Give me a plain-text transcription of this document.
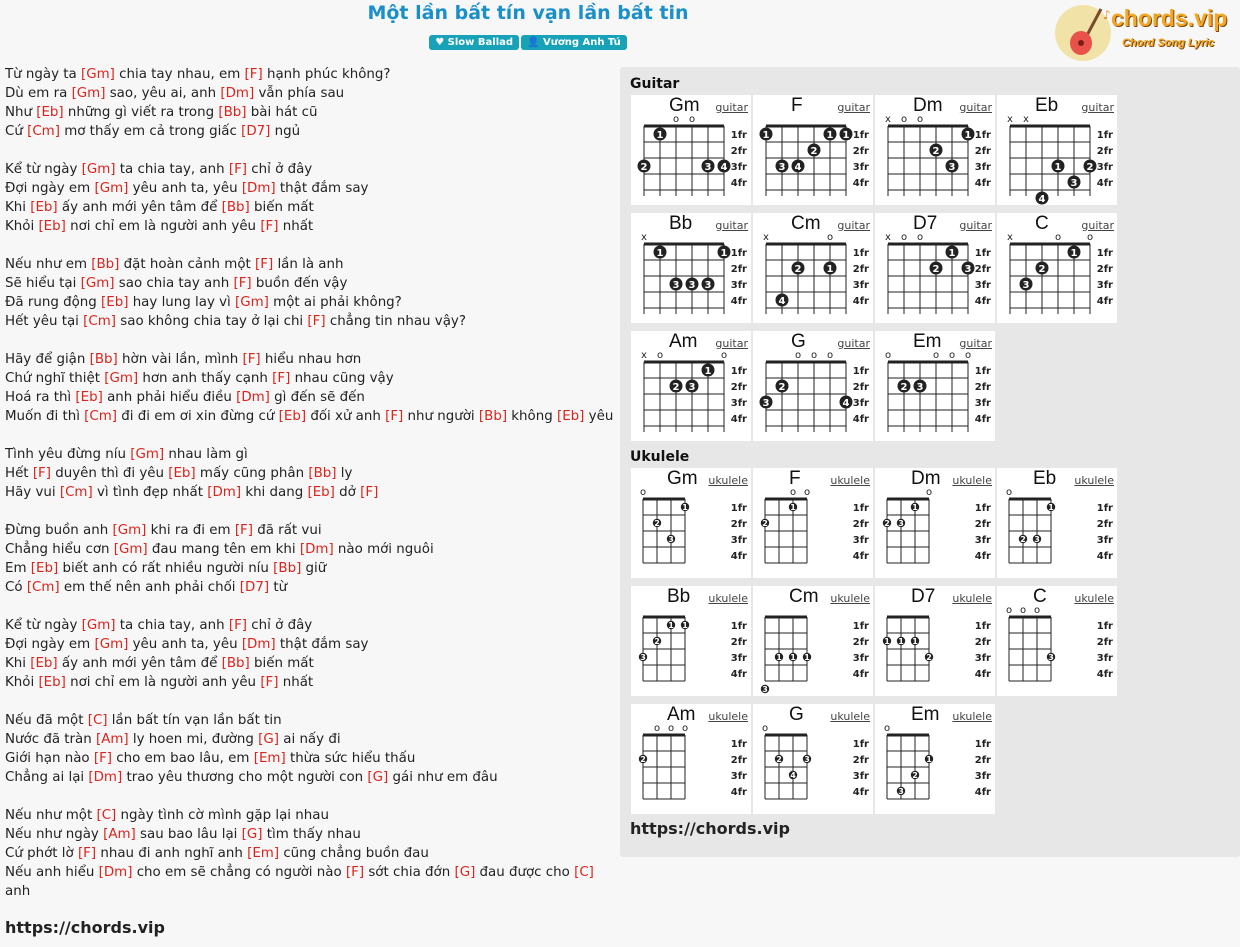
Một lần bất tín vạn lần bất tin
♥ Slow Ballad 👤 Vương Anh Tú
♪ chords.vip
Chord Song Lyric
Từ ngày ta [Gm] chia tay nhau, em [F] hạnh phúc không?
Dù em ra [Gm] sao, yêu ai, anh [Dm] vẫn phía sau
Như [Eb] những gì viết ra trong [Bb] bài hát cũ
Cứ [Cm] mơ thấy em cả trong giấc [D7] ngủ
Kể từ ngày [Gm] ta chia tay, anh [F] chỉ ở đây
Đợi ngày em [Gm] yêu anh ta, yêu [Dm] thật đắm say
Khi [Eb] ấy anh mới yên tâm để [Bb] biến mất
Khỏi [Eb] nơi chỉ em là người anh yêu [F] nhất
Nếu như em [Bb] đặt hoàn cảnh một [F] lần là anh
Sẽ hiểu tại [Gm] sao chia tay anh [F] buồn đến vậy
Đã rung động [Eb] hay lung lay vì [Gm] một ai phải không?
Hết yêu tại [Cm] sao không chia tay ở lại chi [F] chẳng tin nhau vậy?
Hãy để giận [Bb] hờn vài lần, mình [F] hiểu nhau hơn
Chứ nghĩ thiệt [Gm] hơn anh thấy cạnh [F] nhau cũng vậy
Hoá ra thì [Eb] anh phải hiểu điều [Dm] gì đến sẽ đến
Muốn đi thì [Cm] đi đi em ơi xin đừng cứ [Eb] đối xử anh [F] như người [Bb] không [Eb] yêu
Tình yêu đừng níu [Gm] nhau làm gì
Hết [F] duyên thì đi yêu [Eb] mấy cũng phân [Bb] ly
Hãy vui [Cm] vì tình đẹp nhất [Dm] khi dang [Eb] dở [F]
Đừng buồn anh [Gm] khi ra đi em [F] đã rất vui
Chẳng hiểu cơn [Gm] đau mang tên em khi [Dm] nào mới nguôi
Em [Eb] biết anh có rất nhiều người níu [Bb] giữ
Có [Cm] em thế nên anh phải chối [D7] từ
Kể từ ngày [Gm] ta chia tay, anh [F] chỉ ở đây
Đợi ngày em [Gm] yêu anh ta, yêu [Dm] thật đắm say
Khi [Eb] ấy anh mới yên tâm để [Bb] biến mất
Khỏi [Eb] nơi chỉ em là người anh yêu [F] nhất
Nếu đã một [C] lần bất tín vạn lần bất tin
Nước đã tràn [Am] ly hoen mi, đường [G] ai nấy đi
Giới hạn nào [F] cho em bao lâu, em [Em] thừa sức hiểu thấu
Chẳng ai lại [Dm] trao yêu thương cho một người con [G] gái như em đâu
Nếu như một [C] ngày tình cờ mình gặp lại nhau
Nếu như ngày [Am] sau bao lâu lại [G] tìm thấy nhau
Cứ phớt lờ [F] nhau đi anh nghĩ anh [Em] cũng chẳng buồn đau
Nếu anh hiểu [Dm] cho em sẽ chẳng có người nào [F] sớt chia đớn [G] đau được cho [C]
anh
https://chords.vip
Guitar
Ukulele
Gm guitar
o o
1
2	3 4
1fr
2fr
3fr
4fr
F	guitar
1	1 1
2
3 4
1fr
2fr
3fr
4fr
Dm guitar
x o o
1
2
3
1fr
2fr
3fr
4fr
Eb guitar
x x
1	2
3
4
1fr
2fr
3fr
4fr
Bb guitar
x
1	1
3 3 3
1fr
2fr
3fr
4fr
Cm guitar
x	o
2	1
4
1fr
2fr
3fr
4fr
D7 guitar
x o o
1
2	3
1fr
2fr
3fr
4fr
C	guitar
x	o	o
1
2
3
1fr
2fr
3fr
4fr
Am guitar
x o	o
1
2 3
1fr
2fr
3fr
4fr
G	guitar
o o o
2
3	4
1fr
2fr
3fr
4fr
Em guitar
o	o o o
2 3
1fr
2fr
3fr
4fr
Gm ukulele
o
1
2
3
1fr
2fr
3fr
4fr
F	ukulele
o o
1
2
1fr
2fr
3fr
4fr
Dm ukulele
o
1
2 3
1fr
2fr
3fr
4fr
Eb ukulele
o
1
2 3
1fr
2fr
3fr
4fr
Bb ukulele
1 1
2
3
1fr
2fr
3fr
4fr
Cm ukulele
1 1 1
3
1fr
2fr
3fr
4fr
D7 ukulele
1 1 1
2
1fr
2fr
3fr
4fr
C	ukulele
o o o
3
1fr
2fr
3fr
4fr
Am ukulele
o o o
2
1fr
2fr
3fr
4fr
G ukulele
o
2	3
4
1fr
2fr
3fr
4fr
Em ukulele
o
1
2
3
1fr
2fr
3fr
4fr
https://chords.vip
